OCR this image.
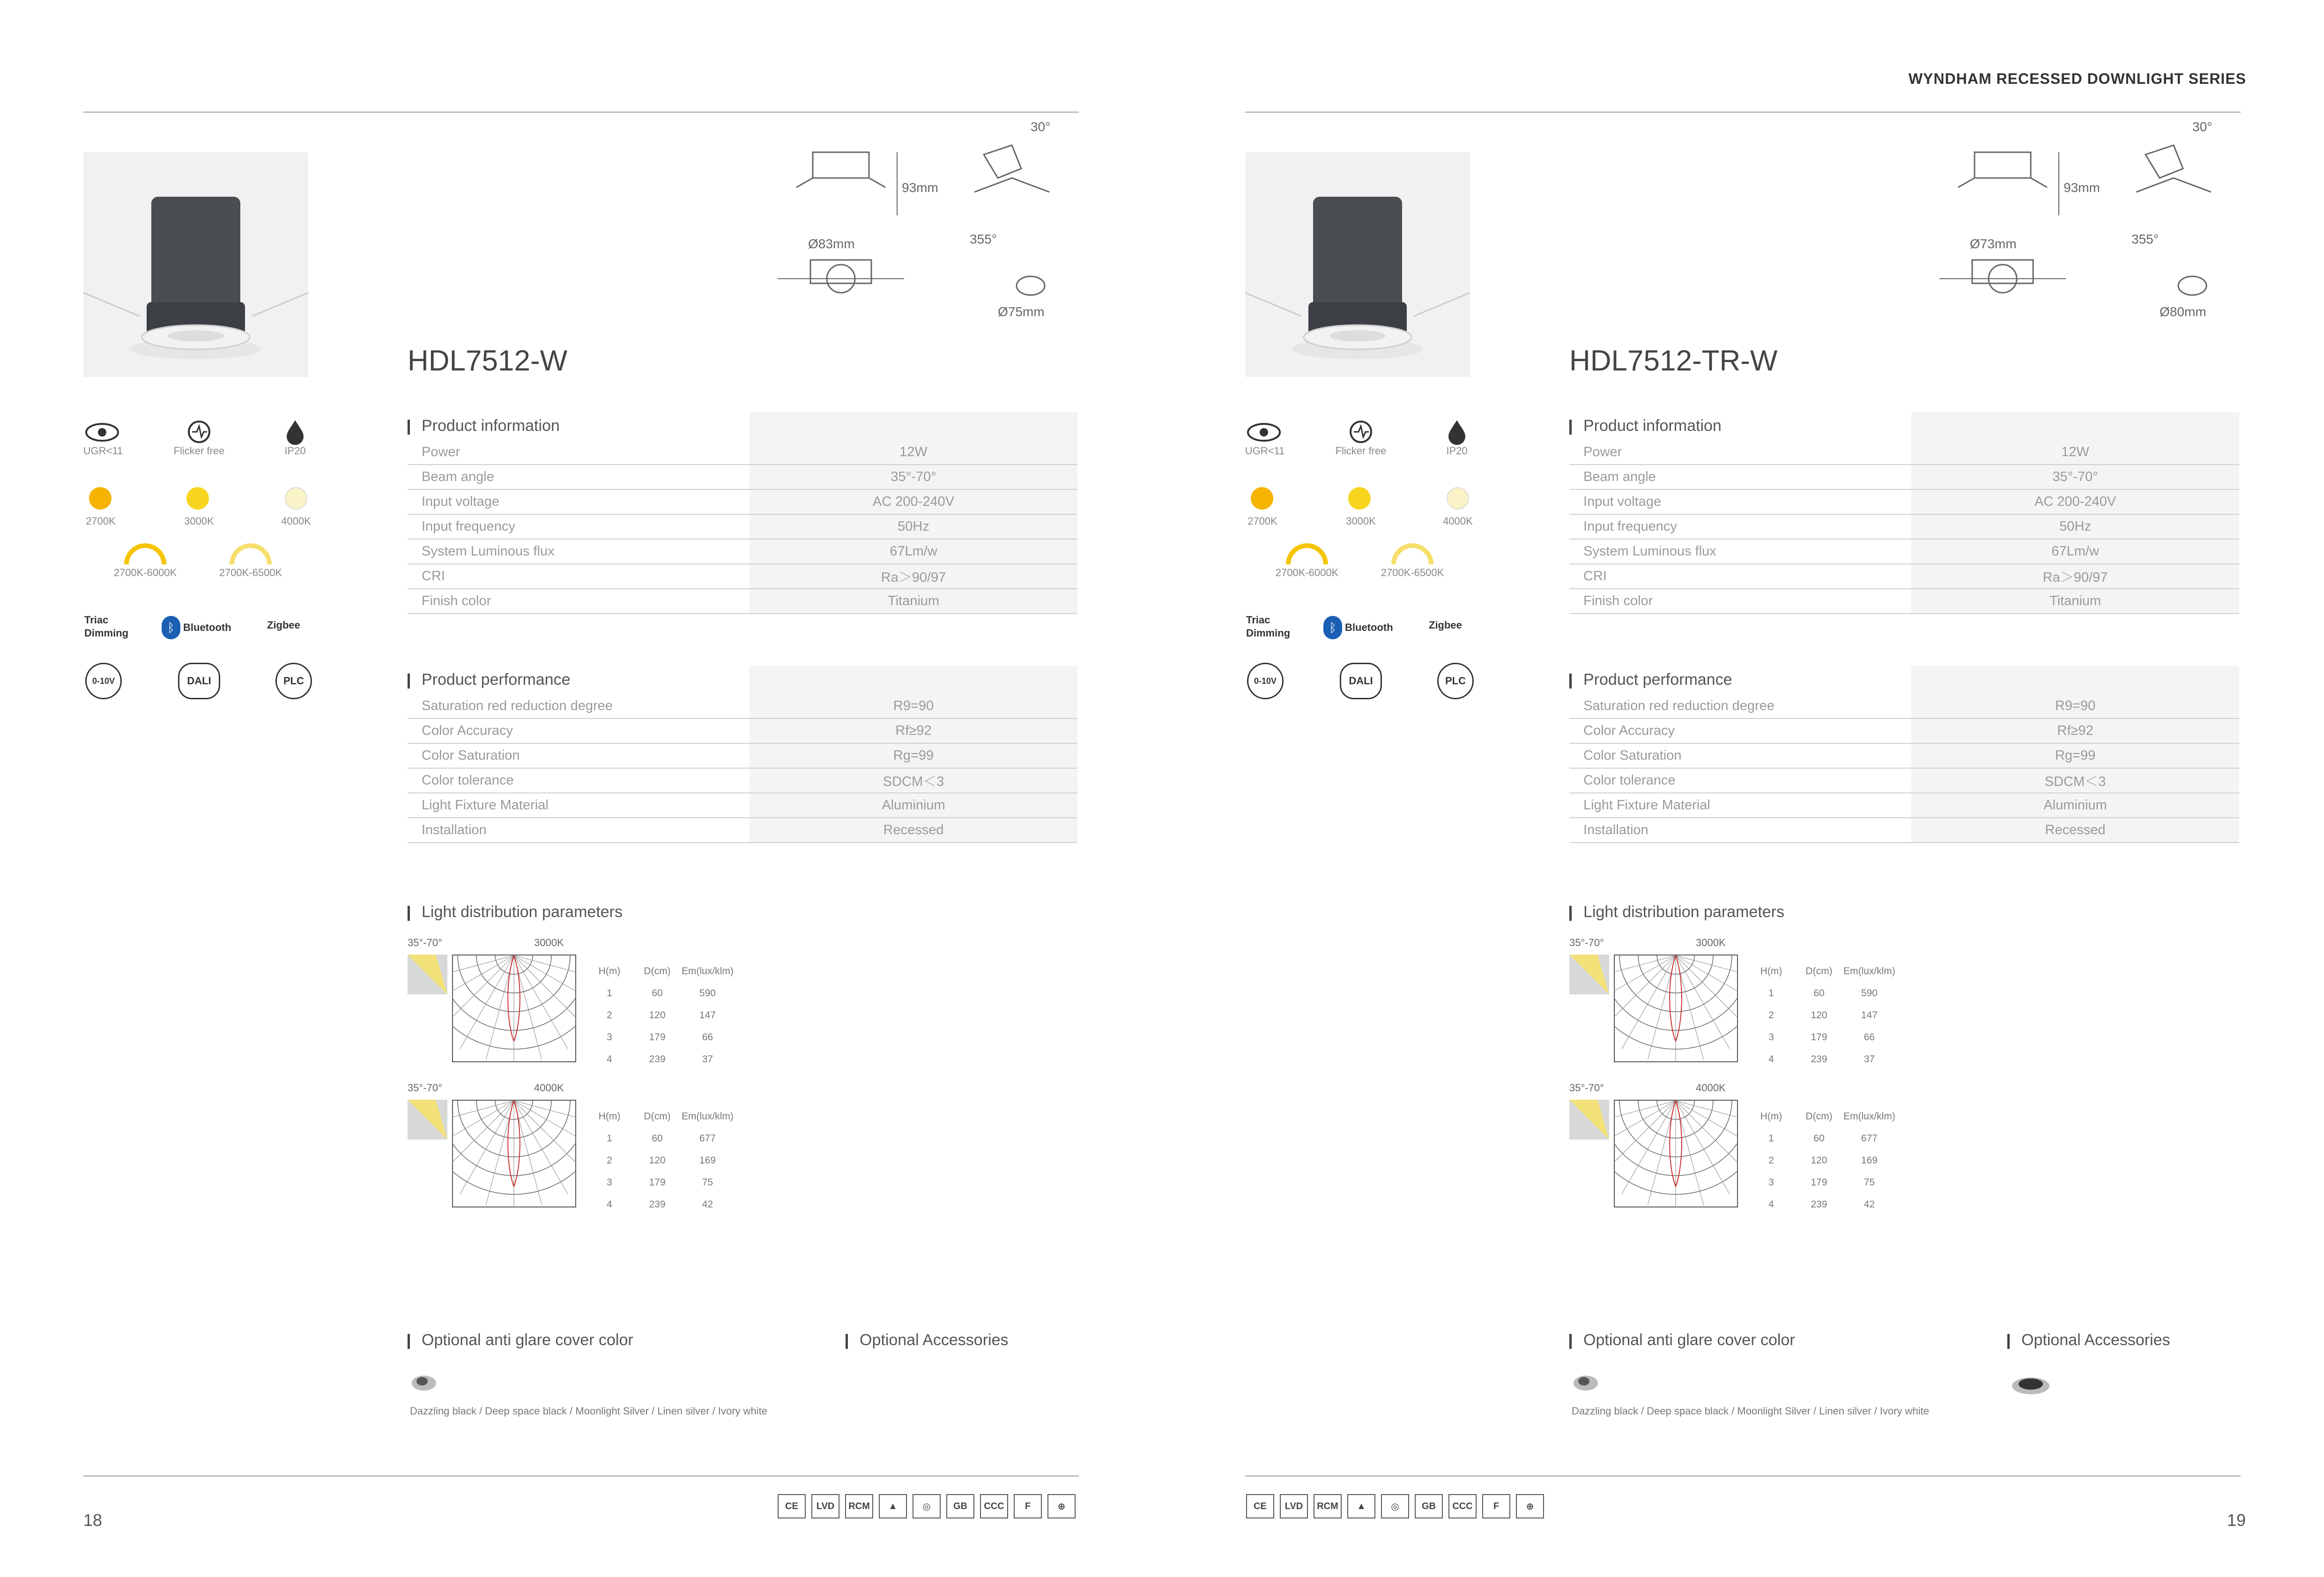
WYNDHAM RECESSED DOWNLIGHT SERIES
93mm
30°
355°
Ø83mm
Ø75mm
HDL7512-W
UGR<11	Flicker free	IP20
2700K	3000K	4000K
2700K-6000K	2700K-6500K
Triac
Dimming	ᛒ Bluetooth	Zigbee
0-10V	DALI	PLC
Product information

Power	12W
Beam angle	35°-70°
Input voltage	AC 200-240V
Input frequency	50Hz
System Luminous flux	67Lm/w
CRI	Ra＞90/97
Finish color	Titanium
Product performance

Saturation red reduction degree	R9=90
Color Accuracy	Rf≥92
Color Saturation	Rg=99
Color tolerance	SDCM＜3
Light Fixture Material	Aluminium
Installation	Recessed
Light distribution parameters
35°-70°	3000K
H(m)	D(cm)	Em(lux/klm)
1	60	590
2	120	147
3	179	66
4	239	37
35°-70°	4000K
H(m)	D(cm)	Em(lux/klm)
1	60	677
2	120	169
3	179	75
4	239	42
Optional anti glare cover color
Dazzling black / Deep space black / Moonlight Silver / Linen silver / Ivory white
Optional Accessories
18
93mm
30°
355°
Ø73mm
Ø80mm
HDL7512-TR-W
UGR<11	Flicker free	IP20
2700K	3000K	4000K
2700K-6000K	2700K-6500K
Triac
Dimming	ᛒ Bluetooth	Zigbee
0-10V	DALI	PLC
Product information

Power	12W
Beam angle	35°-70°
Input voltage	AC 200-240V
Input frequency	50Hz
System Luminous flux	67Lm/w
CRI	Ra＞90/97
Finish color	Titanium
Product performance

Saturation red reduction degree	R9=90
Color Accuracy	Rf≥92
Color Saturation	Rg=99
Color tolerance	SDCM＜3
Light Fixture Material	Aluminium
Installation	Recessed
Light distribution parameters
35°-70°	3000K
H(m)	D(cm)	Em(lux/klm)
1	60	590
2	120	147
3	179	66
4	239	37
35°-70°	4000K
H(m)	D(cm)	Em(lux/klm)
1	60	677
2	120	169
3	179	75
4	239	42
Optional anti glare cover color
Dazzling black / Deep space black / Moonlight Silver / Linen silver / Ivory white
Optional Accessories
19
CE	LVD	RCM	▲	◎	GB	CCC	F	⊕	CE	LVD	RCM	▲	◎	GB	CCC	F	⊕
